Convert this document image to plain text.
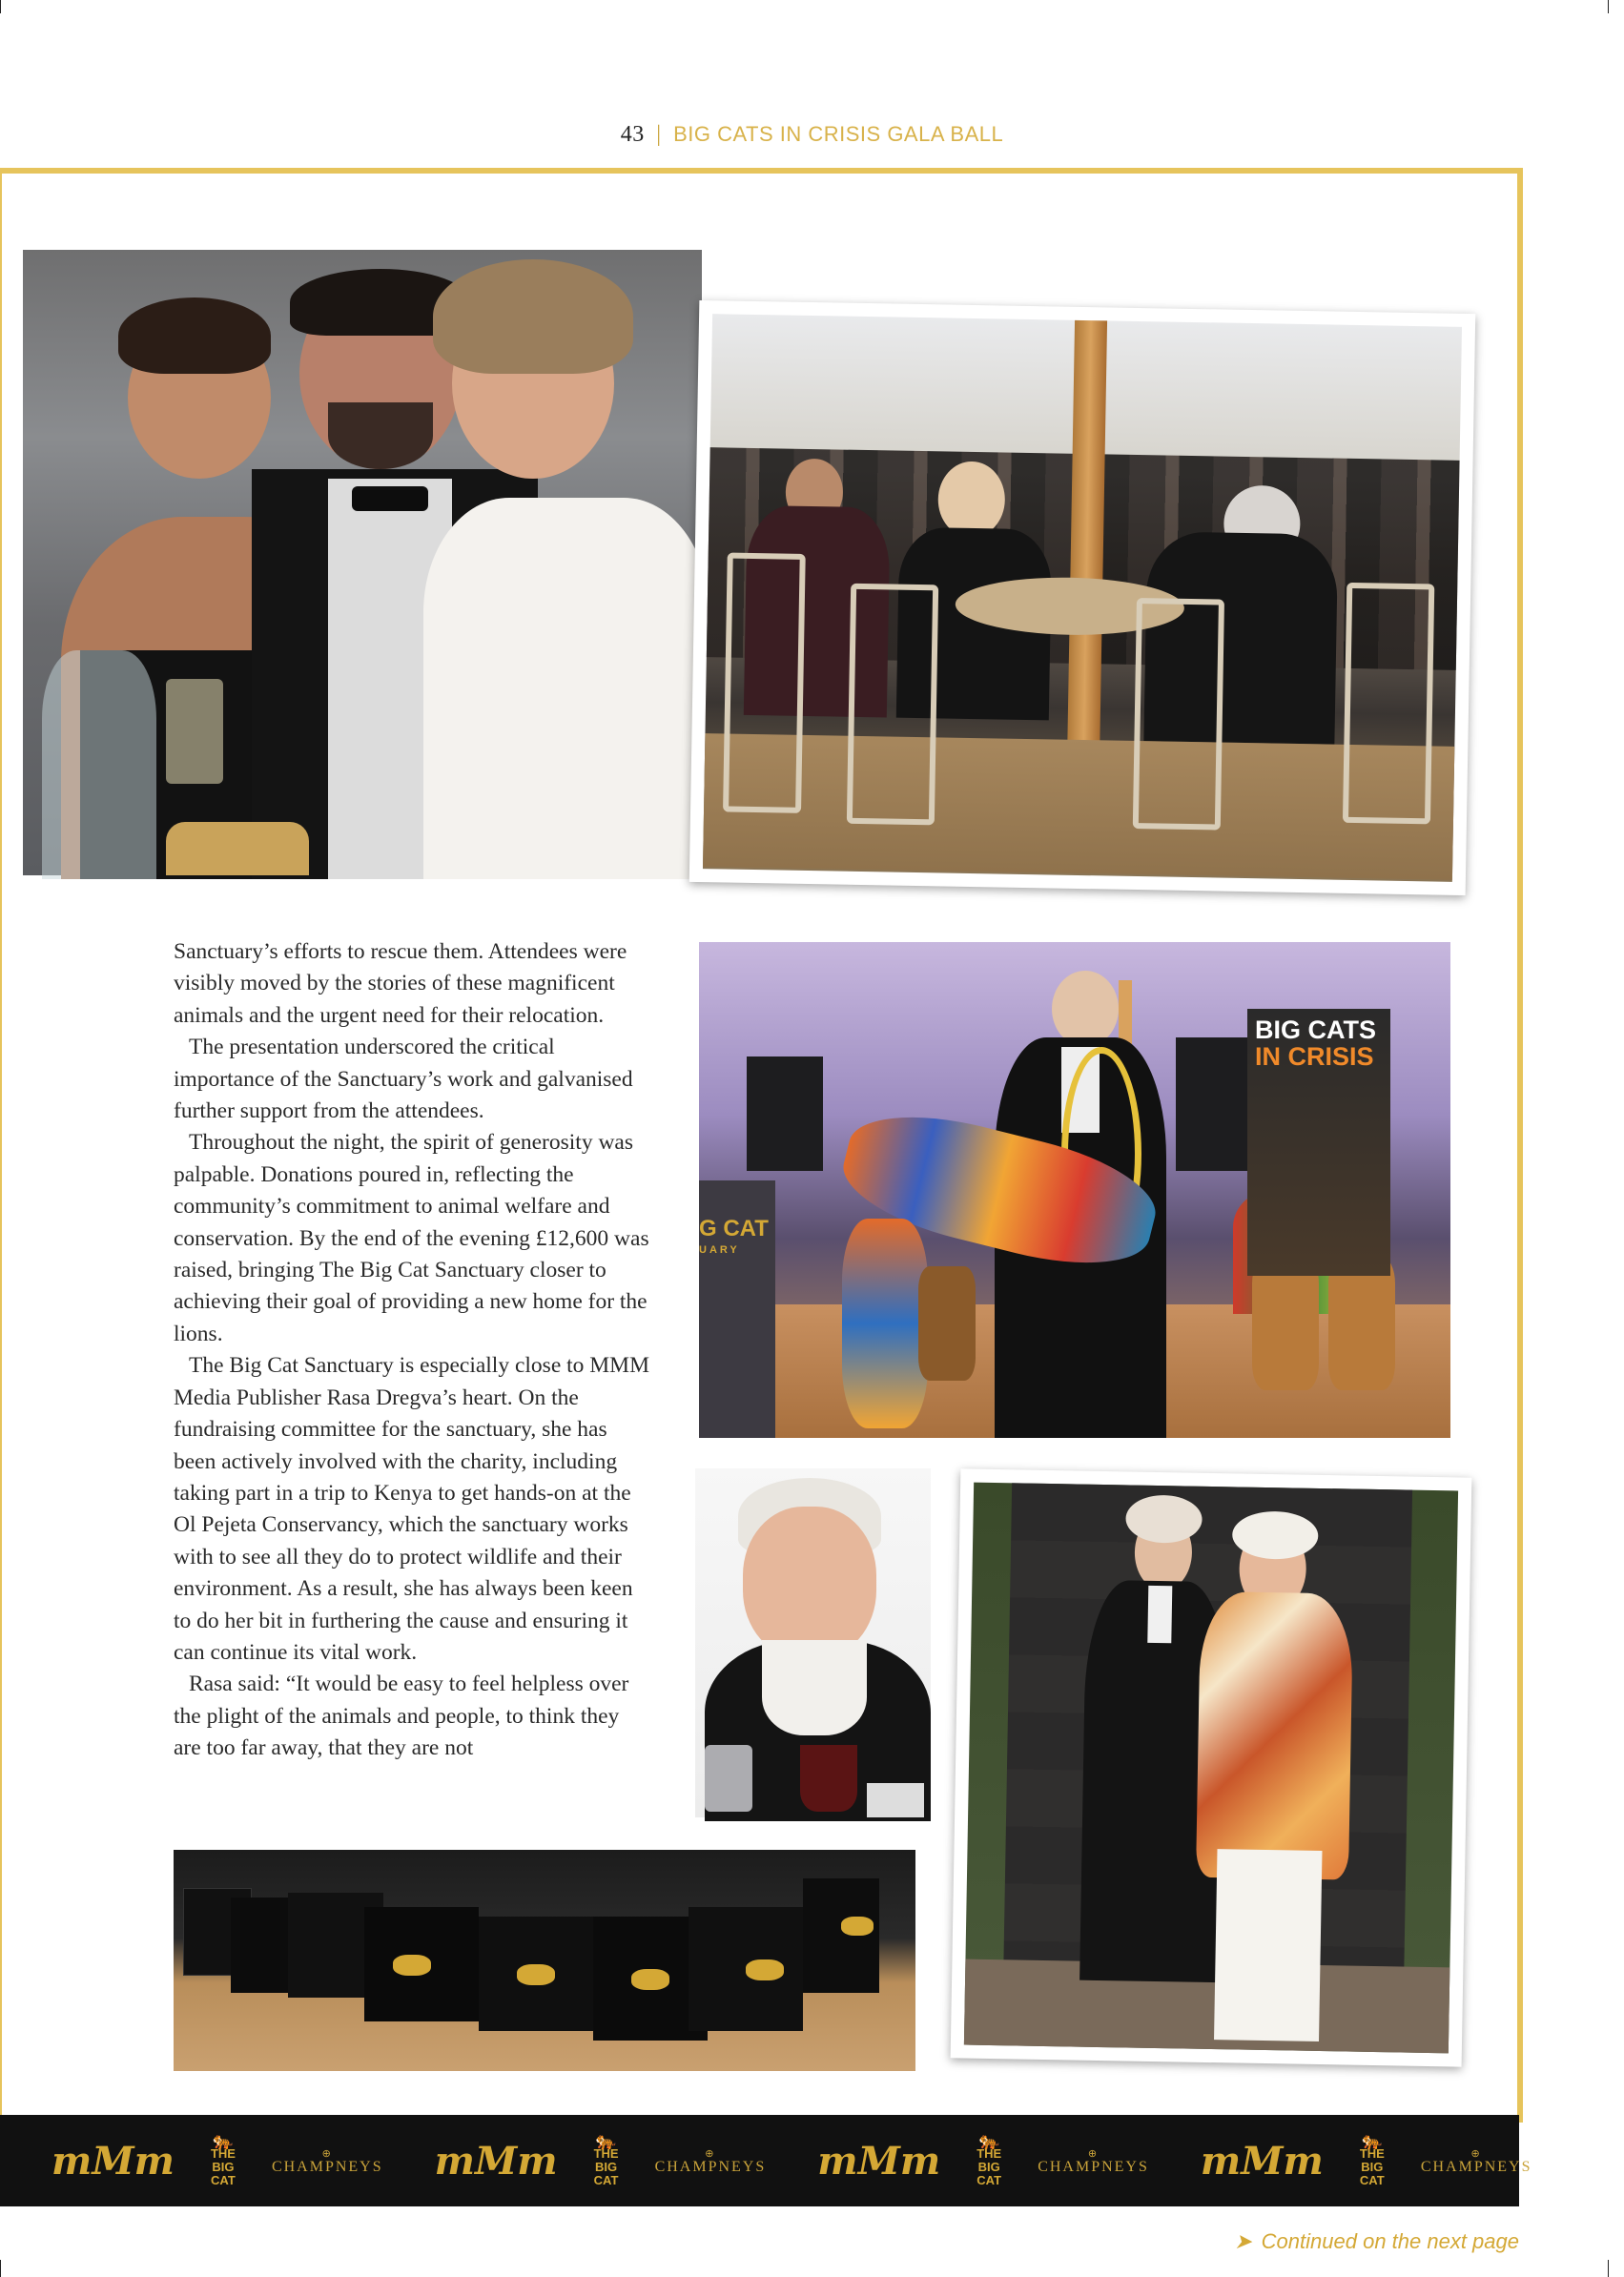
43 | BIG CATS IN CRISIS GALA BALL

Sanctuary’s efforts to rescue them. Attendees were visibly moved by the stories of these magnificent animals and the urgent need for their relocation.

The presentation underscored the critical importance of the Sanctuary’s work and galvanised further support from the attendees.

Throughout the night, the spirit of generosity was palpable. Donations poured in, reflecting the community’s commitment to animal welfare and conservation. By the end of the evening £12,600 was raised, bringing The Big Cat Sanctuary closer to achieving their goal of providing a new home for the lions.

The Big Cat Sanctuary is especially close to MMM Media Publisher Rasa Dregva’s heart. On the fundraising committee for the sanctuary, she has been actively involved with the charity, including taking part in a trip to Kenya to get hands-on at the Ol Pejeta Conservancy, which the sanctuary works with to see all they do to protect wildlife and their environment. As a result, she has always been keen to do her bit in furthering the cause and ensuring it can continue its vital work.

Rasa said: “It would be easy to feel helpless over the plight of the animals and people, to think they are too far away, that they are not

BIG CATS
IN CRISIS
G CAT
UARY
mMm 🐅
THE BIG CAT
⊕
CHAMPNEYS mMm 🐅
THE BIG CAT
⊕
CHAMPNEYS mMm 🐅
THE BIG CAT
⊕
CHAMPNEYS mMm 🐅
THE BIG CAT
⊕
CHAMPNEYS
➤ Continued on the next page
